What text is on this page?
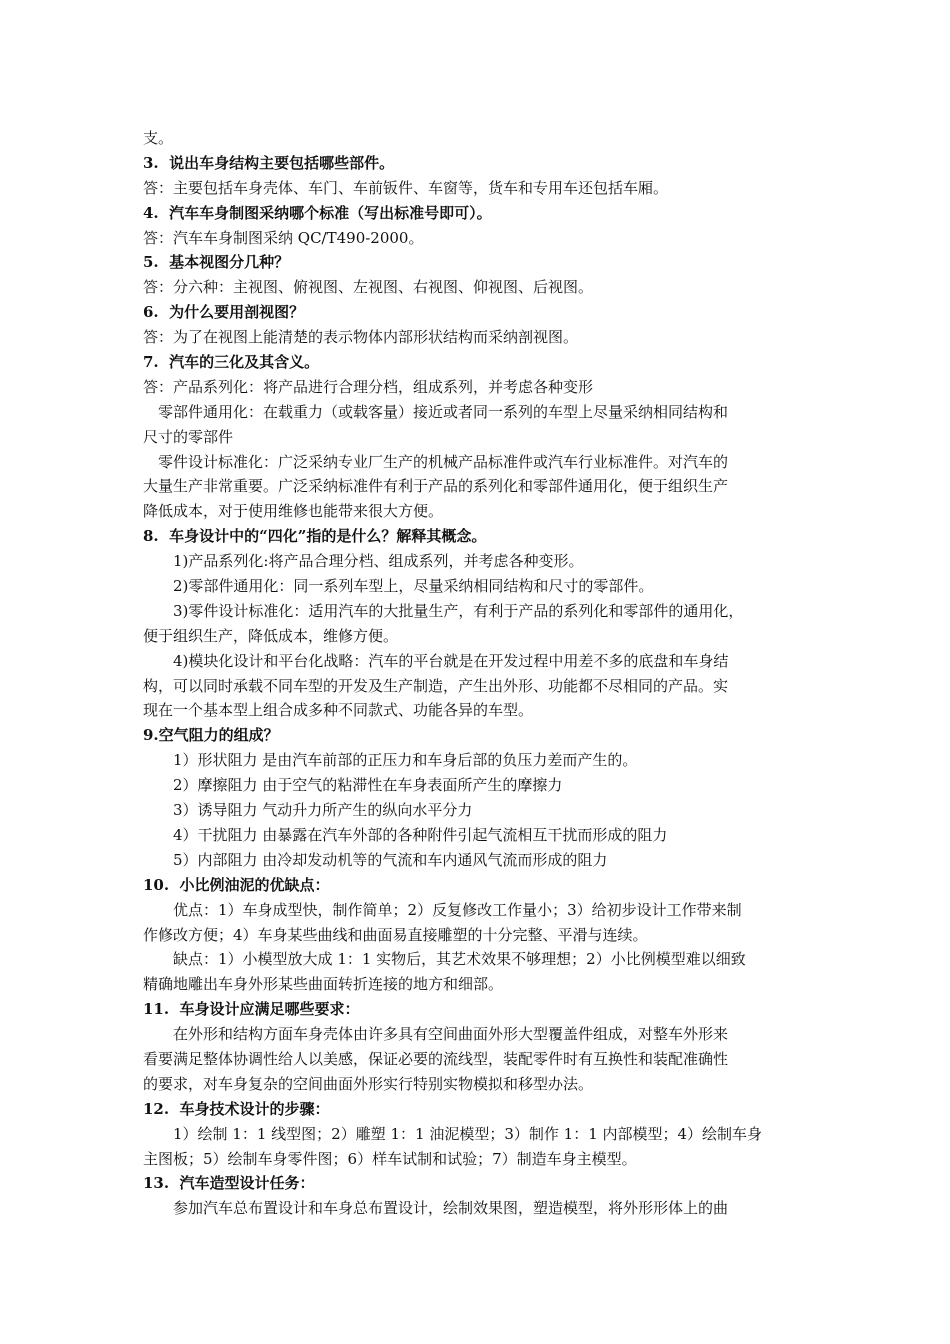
支。
3.  说出车身结构主要包括哪些部件。
答：主要包括车身壳体、车门、车前钣件、车窗等，货车和专用车还包括车厢。
4.  汽车车身制图采纳哪个标准（写出标准号即可）。
答：汽车车身制图采纳 QC/T490-2000。
5.  基本视图分几种？
答：分六种：主视图、俯视图、左视图、右视图、仰视图、后视图。
6.  为什么要用剖视图？
答：为了在视图上能清楚的表示物体内部形状结构而采纳剖视图。
7.  汽车的三化及其含义。
答：产品系列化：将产品进行合理分档，组成系列，并考虑各种变形
零部件通用化：在载重力（或载客量）接近或者同一系列的车型上尽量采纳相同结构和
尺寸的零部件
零件设计标准化：广泛采纳专业厂生产的机械产品标准件或汽车行业标准件。对汽车的
大量生产非常重要。广泛采纳标准件有利于产品的系列化和零部件通用化，便于组织生产
降低成本，对于使用维修也能带来很大方便。
8.  车身设计中的“四化”指的是什么？解释其概念。
1)产品系列化:将产品合理分档、组成系列，并考虑各种变形。
2)零部件通用化：同一系列车型上，尽量采纳相同结构和尺寸的零部件。
3)零件设计标准化：适用汽车的大批量生产，有利于产品的系列化和零部件的通用化，
便于组织生产，降低成本，维修方便。
4)模块化设计和平台化战略：汽车的平台就是在开发过程中用差不多的底盘和车身结
构，可以同时承载不同车型的开发及生产制造，产生出外形、功能都不尽相同的产品。实
现在一个基本型上组合成多种不同款式、功能各异的车型。
9.空气阻力的组成？
1）形状阻力 是由汽车前部的正压力和车身后部的负压力差而产生的。
2）摩擦阻力 由于空气的粘滞性在车身表面所产生的摩擦力
3）诱导阻力 气动升力所产生的纵向水平分力
4）干扰阻力 由暴露在汽车外部的各种附件引起气流相互干扰而形成的阻力
5）内部阻力 由冷却发动机等的气流和车内通风气流而形成的阻力
10.  小比例油泥的优缺点：
优点：1）车身成型快，制作简单；2）反复修改工作量小；3）给初步设计工作带来制
作修改方便；4）车身某些曲线和曲面易直接雕塑的十分完整、平滑与连续。
缺点：1）小模型放大成 1：1 实物后，其艺术效果不够理想；2）小比例模型难以细致
精确地雕出车身外形某些曲面转折连接的地方和细部。
11.  车身设计应满足哪些要求：
在外形和结构方面车身壳体由许多具有空间曲面外形大型覆盖件组成，对整车外形来
看要满足整体协调性给人以美感，保证必要的流线型，装配零件时有互换性和装配准确性
的要求，对车身复杂的空间曲面外形实行特别实物模拟和移型办法。
12.  车身技术设计的步骤：
1）绘制 1：1 线型图；2）雕塑 1：1 油泥模型；3）制作 1：1 内部模型；4）绘制车身
主图板；5）绘制车身零件图；6）样车试制和试验；7）制造车身主模型。
13.  汽车造型设计任务：
参加汽车总布置设计和车身总布置设计，绘制效果图，塑造模型，将外形形体上的曲
